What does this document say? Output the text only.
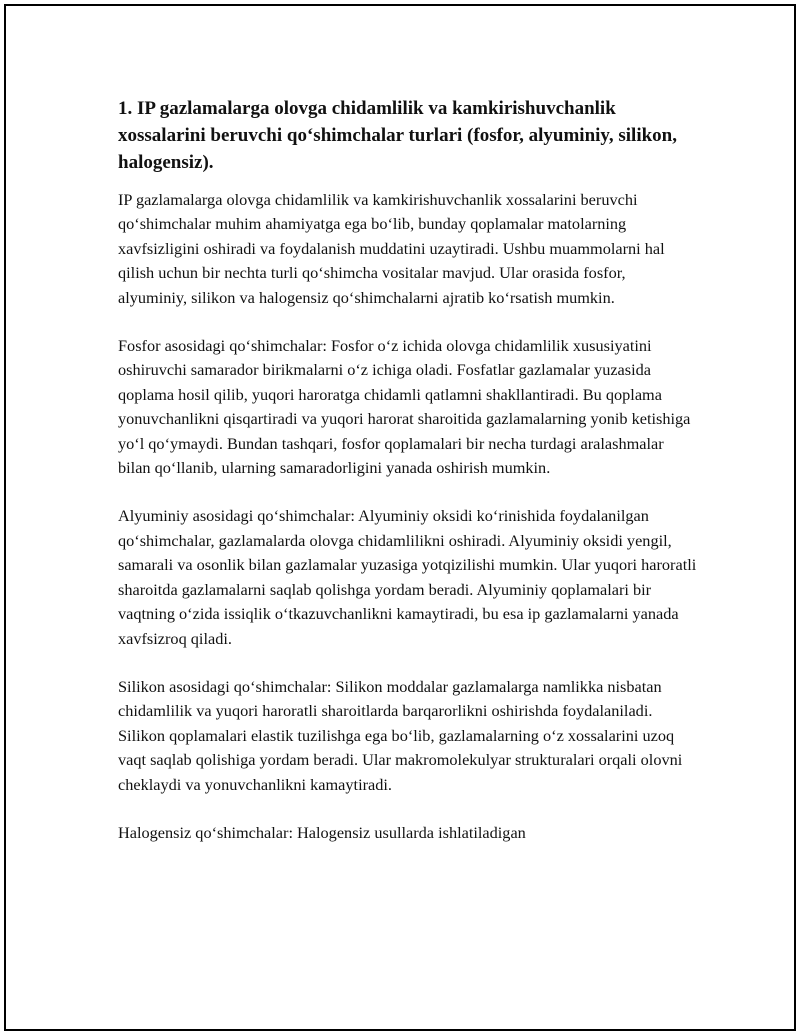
1. IP gazlamalarga olovga chidamlilik va kamkirishuvchanlik xossalarini beruvchi qo‘shimchalar turlari (fosfor, alyuminiy, silikon, halogensiz).

IP gazlamalarga olovga chidamlilik va kamkirishuvchanlik xossalarini beruvchi qo‘shimchalar muhim ahamiyatga ega bo‘lib, bunday qoplamalar matolarning xavfsizligini oshiradi va foydalanish muddatini uzaytiradi. Ushbu muammolarni hal qilish uchun bir nechta turli qo‘shimcha vositalar mavjud. Ular orasida fosfor, alyuminiy, silikon va halogensiz qo‘shimchalarni ajratib ko‘rsatish mumkin.

Fosfor asosidagi qo‘shimchalar: Fosfor o‘z ichida olovga chidamlilik xususiyatini oshiruvchi samarador birikmalarni o‘z ichiga oladi. Fosfatlar gazlamalar yuzasida qoplama hosil qilib, yuqori haroratga chidamli qatlamni shakllantiradi. Bu qoplama yonuvchanlikni qisqartiradi va yuqori harorat sharoitida gazlamalarning yonib ketishiga yo‘l qo‘ymaydi. Bundan tashqari, fosfor qoplamalari bir necha turdagi aralashmalar bilan qo‘llanib, ularning samaradorligini yanada oshirish mumkin.

Alyuminiy asosidagi qo‘shimchalar: Alyuminiy oksidi ko‘rinishida foydalanilgan qo‘shimchalar, gazlamalarda olovga chidamlilikni oshiradi. Alyuminiy oksidi yengil, samarali va osonlik bilan gazlamalar yuzasiga yotqizilishi mumkin. Ular yuqori haroratli sharoitda gazlamalarni saqlab qolishga yordam beradi. Alyuminiy qoplamalari bir vaqtning o‘zida issiqlik o‘tkazuvchanlikni kamaytiradi, bu esa ip gazlamalarni yanada xavfsizroq qiladi.

Silikon asosidagi qo‘shimchalar: Silikon moddalar gazlamalarga namlikka nisbatan chidamlilik va yuqori haroratli sharoitlarda barqarorlikni oshirishda foydalaniladi. Silikon qoplamalari elastik tuzilishga ega bo‘lib, gazlamalarning o‘z xossalarini uzoq vaqt saqlab qolishiga yordam beradi. Ular makromolekulyar strukturalari orqali olovni cheklaydi va yonuvchanlikni kamaytiradi.

Halogensiz qo‘shimchalar: Halogensiz usullarda ishlatiladigan
